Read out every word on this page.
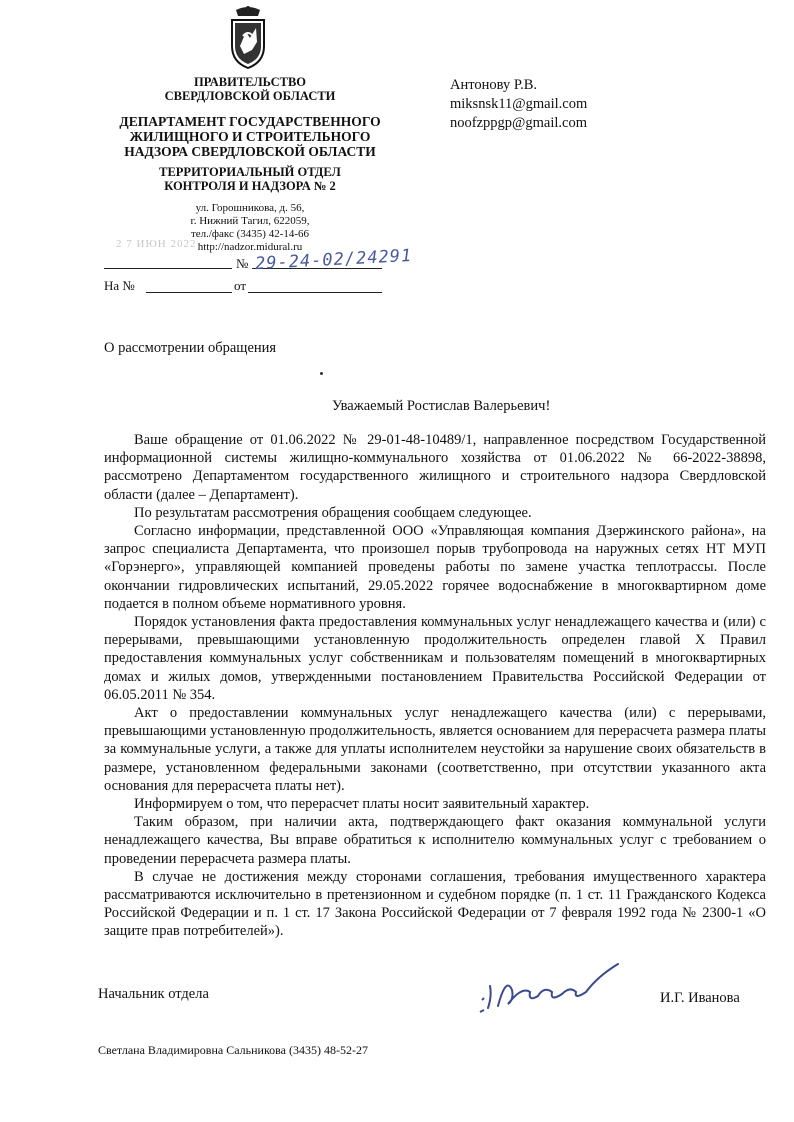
ПРАВИТЕЛЬСТВО
СВЕРДЛОВСКОЙ ОБЛАСТИ
ДЕПАРТАМЕНТ ГОСУДАРСТВЕННОГО
ЖИЛИЩНОГО И СТРОИТЕЛЬНОГО
НАДЗОРА СВЕРДЛОВСКОЙ ОБЛАСТИ
ТЕРРИТОРИАЛЬНЫЙ ОТДЕЛ
КОНТРОЛЯ И НАДЗОРА № 2
ул. Горошникова, д. 56,
г. Нижний Тагил, 622059,
тел./факс (3435) 42-14-66
http://nadzor.midural.ru
2 7 ИЮН 2022
№ 29-24-02/24291
На №	от
Антонову Р.В.
miksnsk11@gmail.com
noofzppgp@gmail.com
О рассмотрении обращения
Уважаемый Ростислав Валерьевич!

Ваше обращение от 01.06.2022 № 29-01-48-10489/1, направленное посредством Государственной информационной системы жилищно-коммунального хозяйства от 01.06.2022 № 66-2022-38898, рассмотрено Департаментом государственного жилищного и строительного надзора Свердловской области (далее – Департамент).

По результатам рассмотрения обращения сообщаем следующее.

Согласно информации, представленной ООО «Управляющая компания Дзержинского района», на запрос специалиста Департамента, что произошел порыв трубопровода на наружных сетях НТ МУП «Горэнерго», управляющей компанией проведены работы по замене участка теплотрассы. После окончании гидровлических испытаний, 29.05.2022 горячее водоснабжение в многоквартирном доме подается в полном объеме нормативного уровня.

Порядок установления факта предоставления коммунальных услуг ненадлежащего качества и (или) с перерывами, превышающими установленную продолжительность определен главой X Правил предоставления коммунальных услуг собственникам и пользователям помещений в многоквартирных домах и жилых домов, утвержденными постановлением Правительства Российской Федерации от 06.05.2011 № 354.

Акт о предоставлении коммунальных услуг ненадлежащего качества (или) с перерывами, превышающими установленную продолжительность, является основанием для перерасчета размера платы за коммунальные услуги, а также для уплаты исполнителем неустойки за нарушение своих обязательств в размере, установленном федеральными законами (соответственно, при отсутствии указанного акта основания для перерасчета платы нет).

Информируем о том, что перерасчет платы носит заявительный характер.

Таким образом, при наличии акта, подтверждающего факт оказания коммунальной услуги ненадлежащего качества, Вы вправе обратиться к исполнителю коммунальных услуг с требованием о проведении перерасчета размера платы.

В случае не достижения между сторонами соглашения, требования имущественного характера рассматриваются исключительно в претензионном и судебном порядке (п. 1 ст. 11 Гражданского Кодекса Российской Федерации и п. 1 ст. 17 Закона Российской Федерации от 7 февраля 1992 года № 2300-1 «О защите прав потребителей»).

Начальник отдела	И.Г. Иванова
Светлана Владимировна Сальникова (3435) 48-52-27
